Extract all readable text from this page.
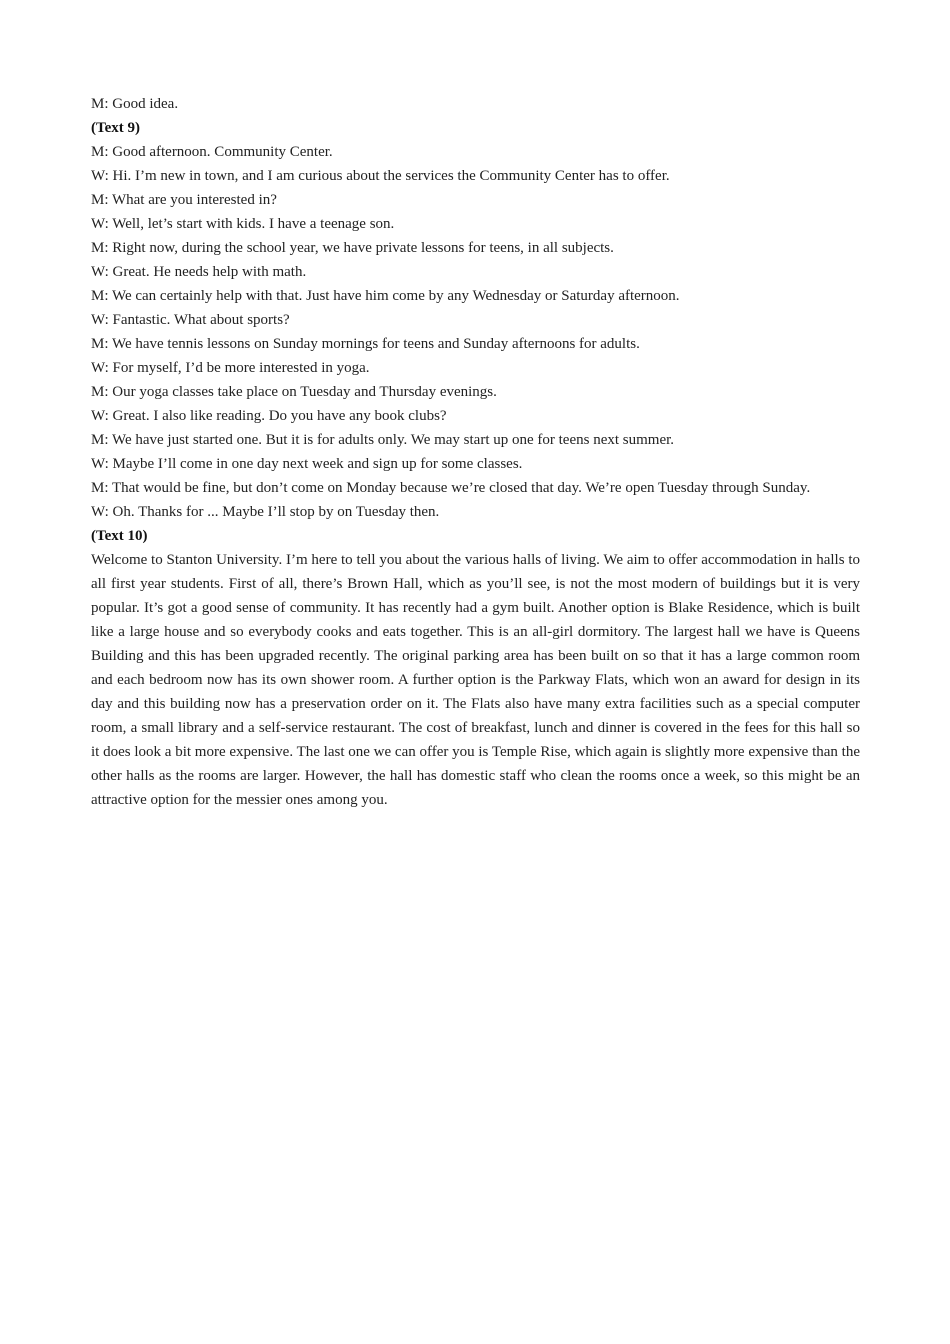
M: Good idea.

(Text 9)

M: Good afternoon. Community Center.

W: Hi. I’m new in town, and I am curious about the services the Community Center has to offer.

M: What are you interested in?

W: Well, let’s start with kids. I have a teenage son.

M: Right now, during the school year, we have private lessons for teens, in all subjects.

W: Great. He needs help with math.

M: We can certainly help with that. Just have him come by any Wednesday or Saturday afternoon.

W: Fantastic. What about sports?

M: We have tennis lessons on Sunday mornings for teens and Sunday afternoons for adults.

W: For myself, I’d be more interested in yoga.

M: Our yoga classes take place on Tuesday and Thursday evenings.

W: Great. I also like reading. Do you have any book clubs?

M: We have just started one. But it is for adults only. We may start up one for teens next summer.

W: Maybe I’ll come in one day next week and sign up for some classes.

M: That would be fine, but don’t come on Monday because we’re closed that day. We’re open Tuesday through Sunday.

W: Oh. Thanks for ... Maybe I’ll stop by on Tuesday then.

(Text 10)

Welcome to Stanton University. I’m here to tell you about the various halls of living. We aim to offer accommodation in halls to all first year students. First of all, there’s Brown Hall, which as you’ll see, is not the most modern of buildings but it is very popular. It’s got a good sense of community. It has recently had a gym built. Another option is Blake Residence, which is built like a large house and so everybody cooks and eats together. This is an all-girl dormitory. The largest hall we have is Queens Building and this has been upgraded recently. The original parking area has been built on so that it has a large common room and each bedroom now has its own shower room. A further option is the Parkway Flats, which won an award for design in its day and this building now has a preservation order on it. The Flats also have many extra facilities such as a special computer room, a small library and a self-service restaurant. The cost of breakfast, lunch and dinner is covered in the fees for this hall so it does look a bit more expensive. The last one we can offer you is Temple Rise, which again is slightly more expensive than the other halls as the rooms are larger. However, the hall has domestic staff who clean the rooms once a week, so this might be an attractive option for the messier ones among you.
